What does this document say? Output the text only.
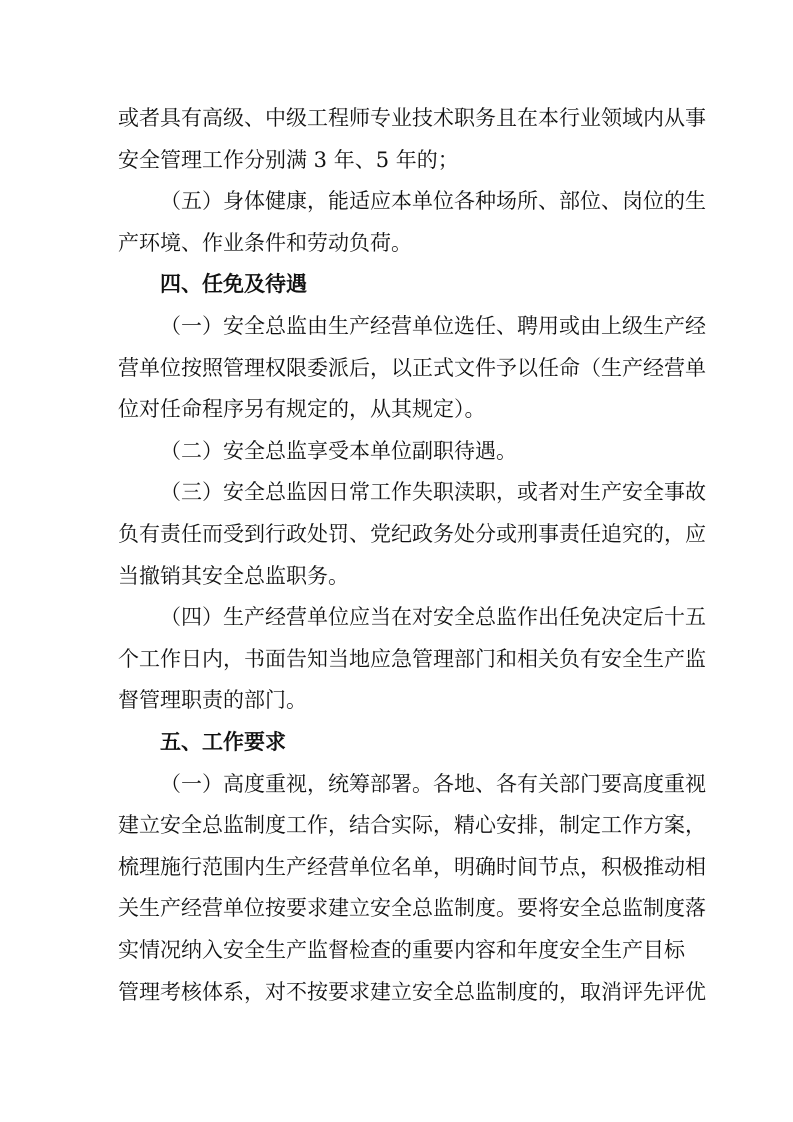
或者具有高级、中级工程师专业技术职务且在本行业领域内从事
安全管理工作分别满 3 年、5 年的；
（五）身体健康，能适应本单位各种场所、部位、岗位的生
产环境、作业条件和劳动负荷。
四、任免及待遇
（一）安全总监由生产经营单位选任、聘用或由上级生产经
营单位按照管理权限委派后，以正式文件予以任命（生产经营单
位对任命程序另有规定的，从其规定）。
（二）安全总监享受本单位副职待遇。
（三）安全总监因日常工作失职渎职，或者对生产安全事故
负有责任而受到行政处罚、党纪政务处分或刑事责任追究的，应
当撤销其安全总监职务。
（四）生产经营单位应当在对安全总监作出任免决定后十五
个工作日内，书面告知当地应急管理部门和相关负有安全生产监
督管理职责的部门。
五、工作要求
（一）高度重视，统筹部署。各地、各有关部门要高度重视
建立安全总监制度工作，结合实际，精心安排，制定工作方案，
梳理施行范围内生产经营单位名单，明确时间节点，积极推动相
关生产经营单位按要求建立安全总监制度。要将安全总监制度落
实情况纳入安全生产监督检查的重要内容和年度安全生产目标
管理考核体系，对不按要求建立安全总监制度的，取消评先评优
